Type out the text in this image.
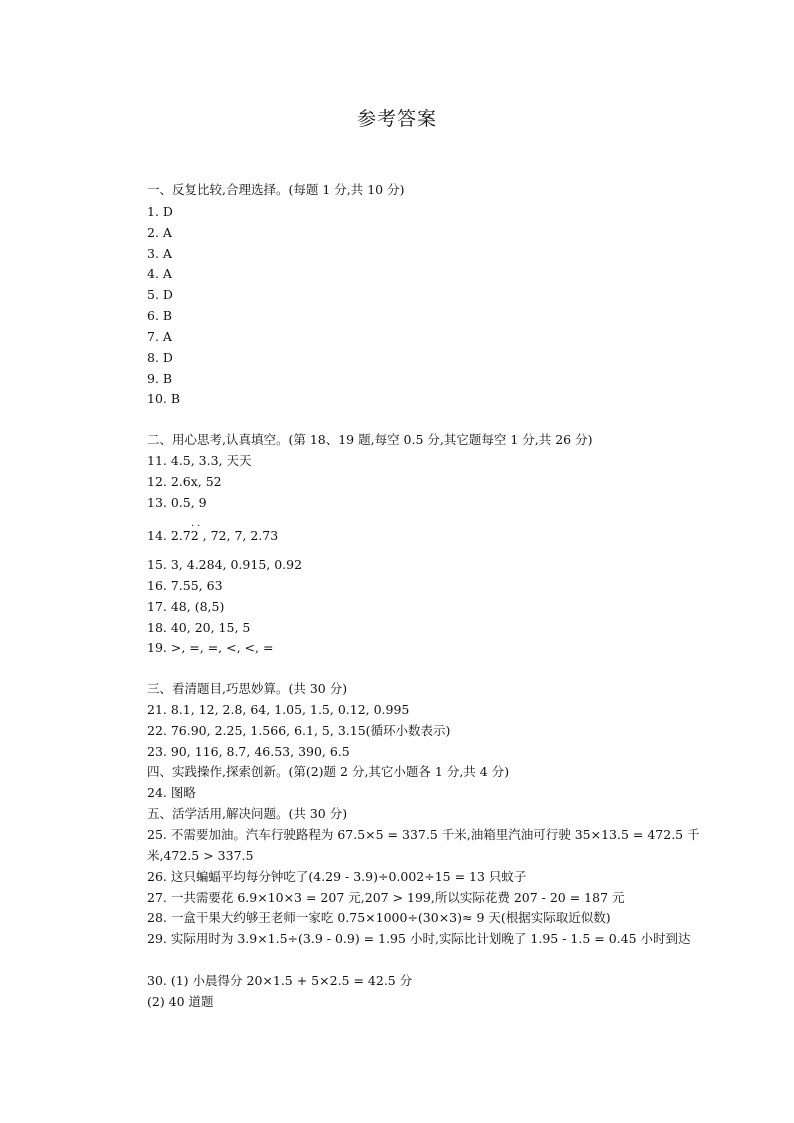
参考答案
一、反复比较,合理选择。(每题 1 分,共 10 分)
1. D
2. A
3. A
4. A
5. D
6. B
7. A
8. D
9. B
10. B
二、用心思考,认真填空。(第 18、19 题,每空 0.5 分,其它题每空 1 分,共 26 分)
11. 4.5, 3.3, 天天
12. 2.6x, 52
13. 0.5, 9
..
14. 2.72 , 72, 7, 2.73
15. 3, 4.284, 0.915, 0.92
16. 7.55, 63
17. 48, (8,5)
18. 40, 20, 15, 5
19. >, =, =, <, <, =
三、看清题目,巧思妙算。(共 30 分)
21. 8.1, 12, 2.8, 64, 1.05, 1.5, 0.12, 0.995
22. 76.90, 2.25, 1.566, 6.1, 5, 3.15(循环小数表示)
23. 90, 116, 8.7, 46.53, 390, 6.5
四、实践操作,探索创新。(第(2)题 2 分,其它小题各 1 分,共 4 分)
24. 图略
五、活学活用,解决问题。(共 30 分)
25. 不需要加油。汽车行驶路程为 67.5×5 = 337.5 千米,油箱里汽油可行驶 35×13.5 = 472.5 千米,472.5 > 337.5
26. 这只蝙蝠平均每分钟吃了(4.29 - 3.9)÷0.002÷15 = 13 只蚊子
27. 一共需要花 6.9×10×3 = 207 元,207 > 199,所以实际花费 207 - 20 = 187 元
28. 一盒干果大约够王老师一家吃 0.75×1000÷(30×3)≈ 9 天(根据实际取近似数)
29. 实际用时为 3.9×1.5÷(3.9 - 0.9) = 1.95 小时,实际比计划晚了 1.95 - 1.5 = 0.45 小时到达
30. (1) 小晨得分 20×1.5 + 5×2.5 = 42.5 分
(2) 40 道题
